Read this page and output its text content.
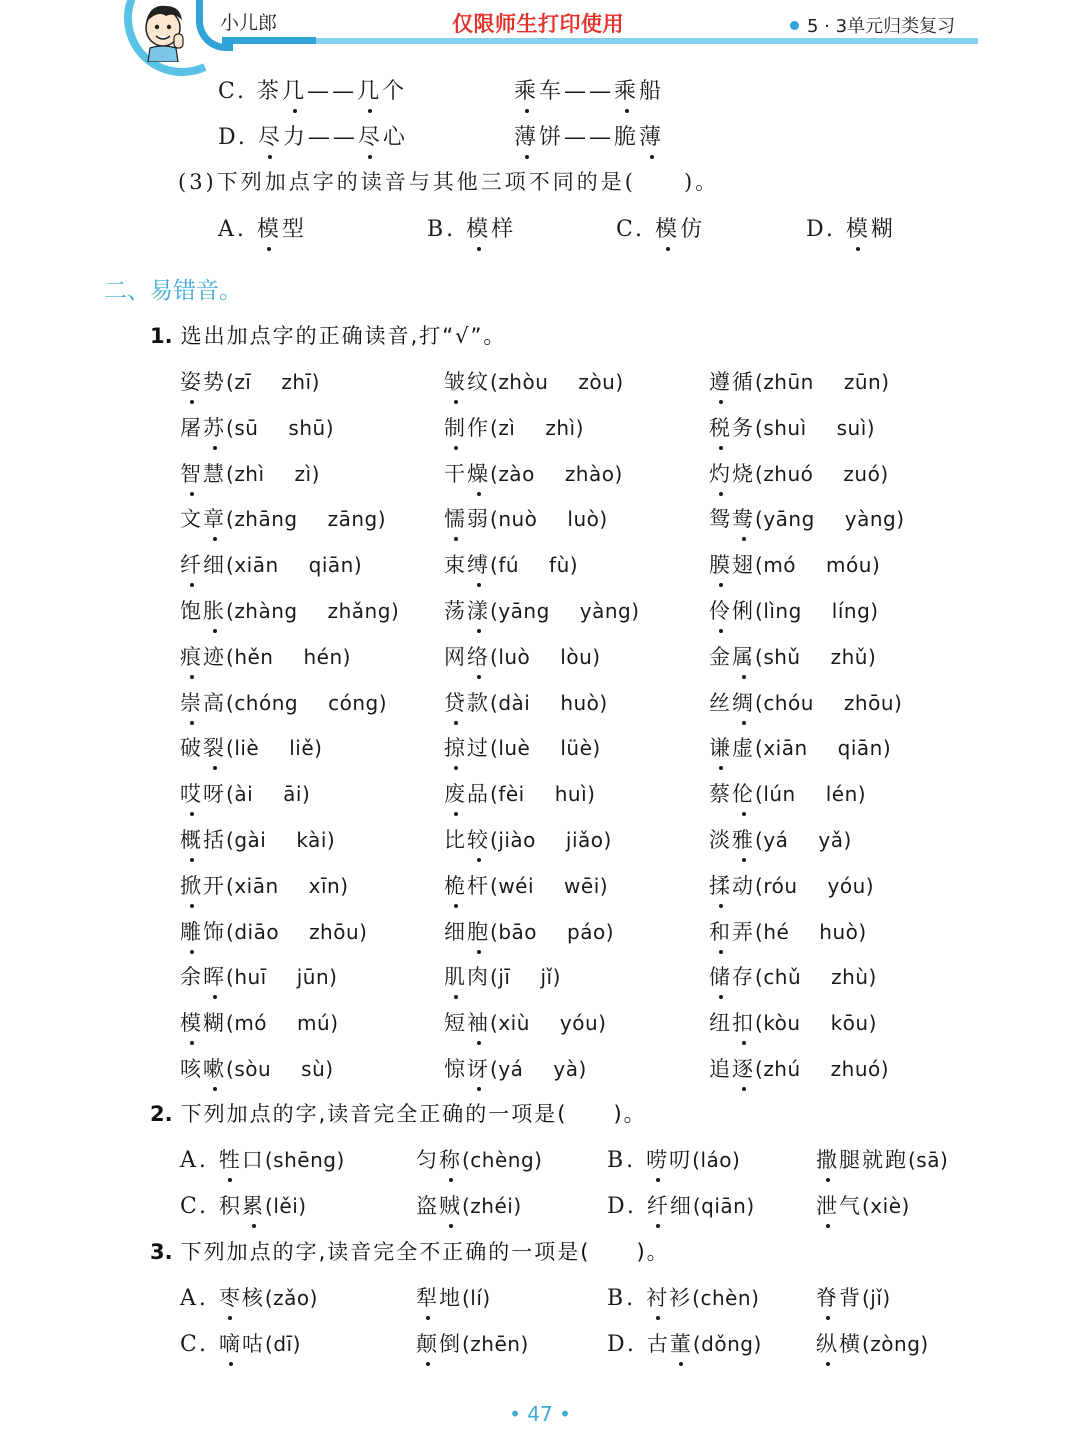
小儿郎	仅限师生打印使用	5 · 3单元归类复习
(3)下列加点字的读音与其他三项不同的是(　　)。
二、易错音。
1. 选出加点字的正确读音,打“√”。
2. 下列加点的字,读音完全正确的一项是(　　)。
3. 下列加点的字,读音完全不正确的一项是(　　)。
• 47 •
C. 茶几——几个	乘车——乘船
D. 尽力——尽心	薄饼——脆薄
A. 模型	B. 模样	C. 模仿	D. 模糊
姿势(zī zhī)	皱纹(zhòu zòu)	遵循(zhūn zūn)
屠苏(sū shū)	制作(zì zhì)	税务(shuì suì)
智慧(zhì zì)	干燥(zào zhào)	灼烧(zhuó zuó)
文章(zhāng zāng)	懦弱(nuò luò)	鸳鸯(yāng yàng)
纤细(xiān qiān)	束缚(fú fù)	膜翅(mó móu)
饱胀(zhàng zhǎng) 荡漾(yāng yàng)	伶俐(lìng líng)
痕迹(hěn hén)	网络(luò lòu)	金属(shǔ zhǔ)
崇高(chóng cóng)	贷款(dài huò)	丝绸(chóu zhōu)
破裂(liè liě)	掠过(luè lüè)	谦虚(xiān qiān)
哎呀(ài āi)	废品(fèi huì)	蔡伦(lún lén)
概括(gài kài)	比较(jiào jiǎo)	淡雅(yá yǎ)
掀开(xiān xīn)	桅杆(wéi wēi)	揉动(róu yóu)
雕饰(diāo zhōu)	细胞(bāo páo)	和弄(hé huò)
余晖(huī jūn)	肌肉(jī jǐ)	储存(chǔ zhù)
模糊(mó mú)	短袖(xiù yóu)	纽扣(kòu kōu)
咳嗽(sòu sù)	惊讶(yá yà)	追逐(zhú zhuó)
A. 牲口(shēng)	匀称(chèng)	B. 唠叨(láo)	撒腿就跑(sā)
C. 积累(lěi)	盗贼(zhéi)	D. 纤细(qiān)	泄气(xiè)
A. 枣核(zǎo)	犁地(lí)	B. 衬衫(chèn)	脊背(jǐ)
C. 嘀咕(dī)	颠倒(zhēn)	D. 古董(dǒng)	纵横(zòng)
